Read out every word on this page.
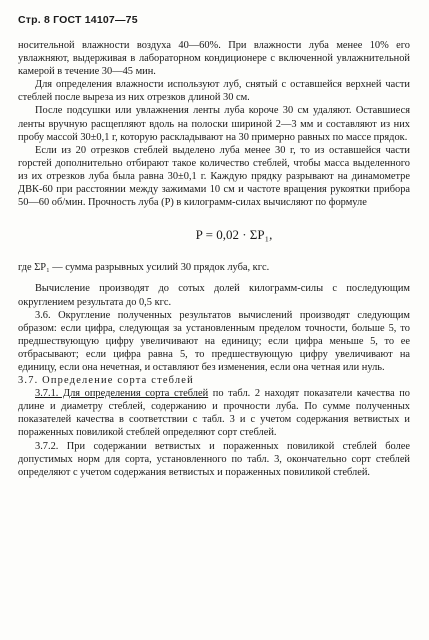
Стр. 8 ГОСТ 14107—75

носительной влажности воздуха 40—60%. При влажности луба менее 10% его увлажняют, выдерживая в лабораторном кондиционере с включенной увлажнительной камерой в течение 30—45 мин.

Для определения влажности используют луб, снятый с оставшейся верхней части стеблей после выреза из них отрезков длиной 30 см.

После подсушки или увлажнения ленты луба короче 30 см удаляют. Оставшиеся ленты вручную расщепляют вдоль на полоски шириной 2—3 мм и составляют из них пробу массой 30±0,1 г, которую раскладывают на 30 примерно равных по массе прядок.

Если из 20 отрезков стеблей выделено луба менее 30 г, то из оставшейся части горстей дополнительно отбирают такое количество стеблей, чтобы масса выделенного из их отрезков луба была равна 30±0,1 г. Каждую прядку разрывают на динамометре ДВК-60 при расстоянии между зажимами 10 см и частоте вращения рукоятки прибора 50—60 об/мин. Прочность луба (P) в килограмм-силах вычисляют по формуле

P = 0,02 · ΣP₁,

где ΣP₁ — сумма разрывных усилий 30 прядок луба, кгс.

Вычисление производят до сотых долей килограмм-силы с последующим округлением результата до 0,5 кгс.

3.6. Округление полученных результатов вычислений производят следующим образом: если цифра, следующая за установленным пределом точности, больше 5, то предшествующую цифру увеличивают на единицу; если цифра меньше 5, то ее отбрасывают; если цифра равна 5, то предшествующую цифру увеличивают на единицу, если она нечетная, и оставляют без изменения, если она четная или нуль.

3.7. Определение сорта стеблей

3.7.1. Для определения сорта стеблей по табл. 2 находят показатели качества по длине и диаметру стеблей, содержанию и прочности луба. По сумме полученных показателей качества в соответствии с табл. 3 и с учетом содержания ветвистых и пораженных повиликой стеблей определяют сорт стеблей.

3.7.2. При содержании ветвистых и пораженных повиликой стеблей более допустимых норм для сорта, установленного по табл. 3, окончательно сорт стеблей определяют с учетом содержания ветвистых и пораженных повиликой стеблей.
